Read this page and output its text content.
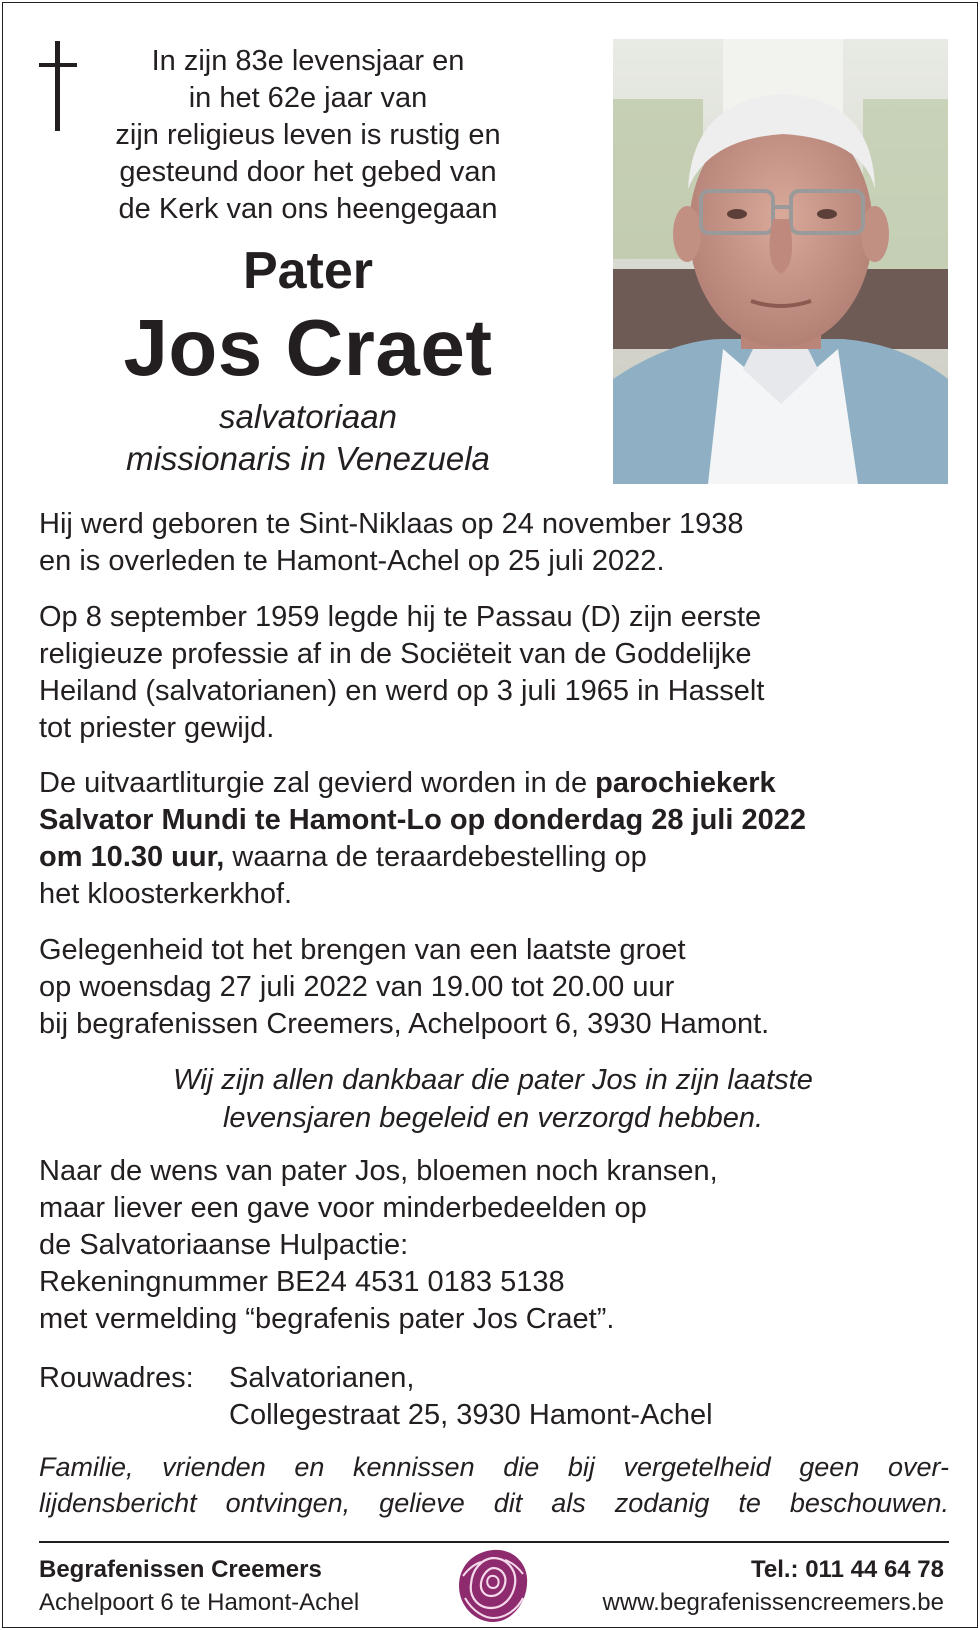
In zijn 83e levensjaar en
in het 62e jaar van
zijn religieus leven is rustig en
gesteund door het gebed van
de Kerk van ons heengegaan
Pater
Jos Craet
salvatoriaan
missionaris in Venezuela
Hij werd geboren te Sint-Niklaas op 24 november 1938
en is overleden te Hamont-Achel op 25 juli 2022.
Op 8 september 1959 legde hij te Passau (D) zijn eerste
religieuze professie af in de Sociëteit van de Goddelijke
Heiland (salvatorianen) en werd op 3 juli 1965 in Hasselt
tot priester gewijd.
De uitvaartliturgie zal gevierd worden in de parochiekerk
Salvator Mundi te Hamont-Lo op donderdag 28 juli 2022
om 10.30 uur, waarna de teraardebestelling op
het kloosterkerkhof.
Gelegenheid tot het brengen van een laatste groet
op woensdag 27 juli 2022 van 19.00 tot 20.00 uur
bij begrafenissen Creemers, Achelpoort 6, 3930 Hamont.
Wij zijn allen dankbaar die pater Jos in zijn laatste
levensjaren begeleid en verzorgd hebben.
Naar de wens van pater Jos, bloemen noch kransen,
maar liever een gave voor minderbedeelden op
de Salvatoriaanse Hulpactie:
Rekeningnummer BE24 4531 0183 5138
met vermelding “begrafenis pater Jos Craet”.
Rouwadres: Salvatorianen,
Collegestraat 25, 3930 Hamont-Achel
Familie, vrienden en kennissen die bij vergetelheid geen over-
lijdensbericht ontvingen, gelieve dit als zodanig te beschouwen.
Begrafenissen Creemers
Achelpoort 6 te Hamont-Achel
Tel.: 011 44 64 78
www.begrafenissencreemers.be
